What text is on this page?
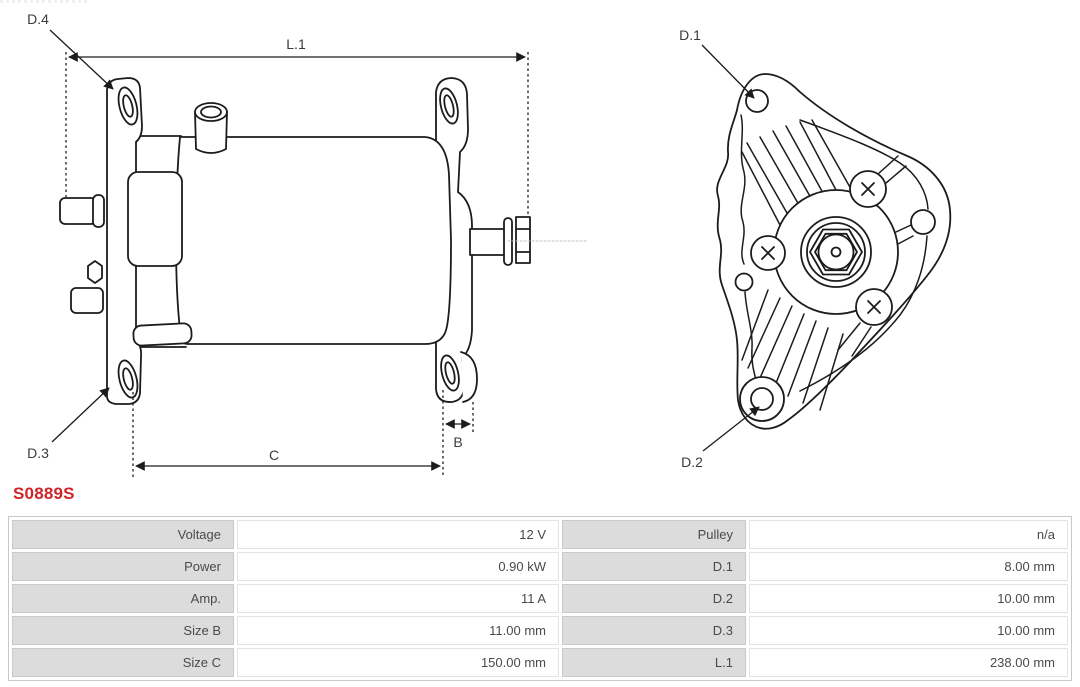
L.1
C
B
D.4
D.3
D.1
D.2
S0889S
Voltage	12 V	Pulley	n/a
Power	0.90 kW	D.1	8.00 mm
Amp.	11 A	D.2	10.00 mm
Size B	11.00 mm	D.3	10.00 mm
Size C	150.00 mm	L.1	238.00 mm
